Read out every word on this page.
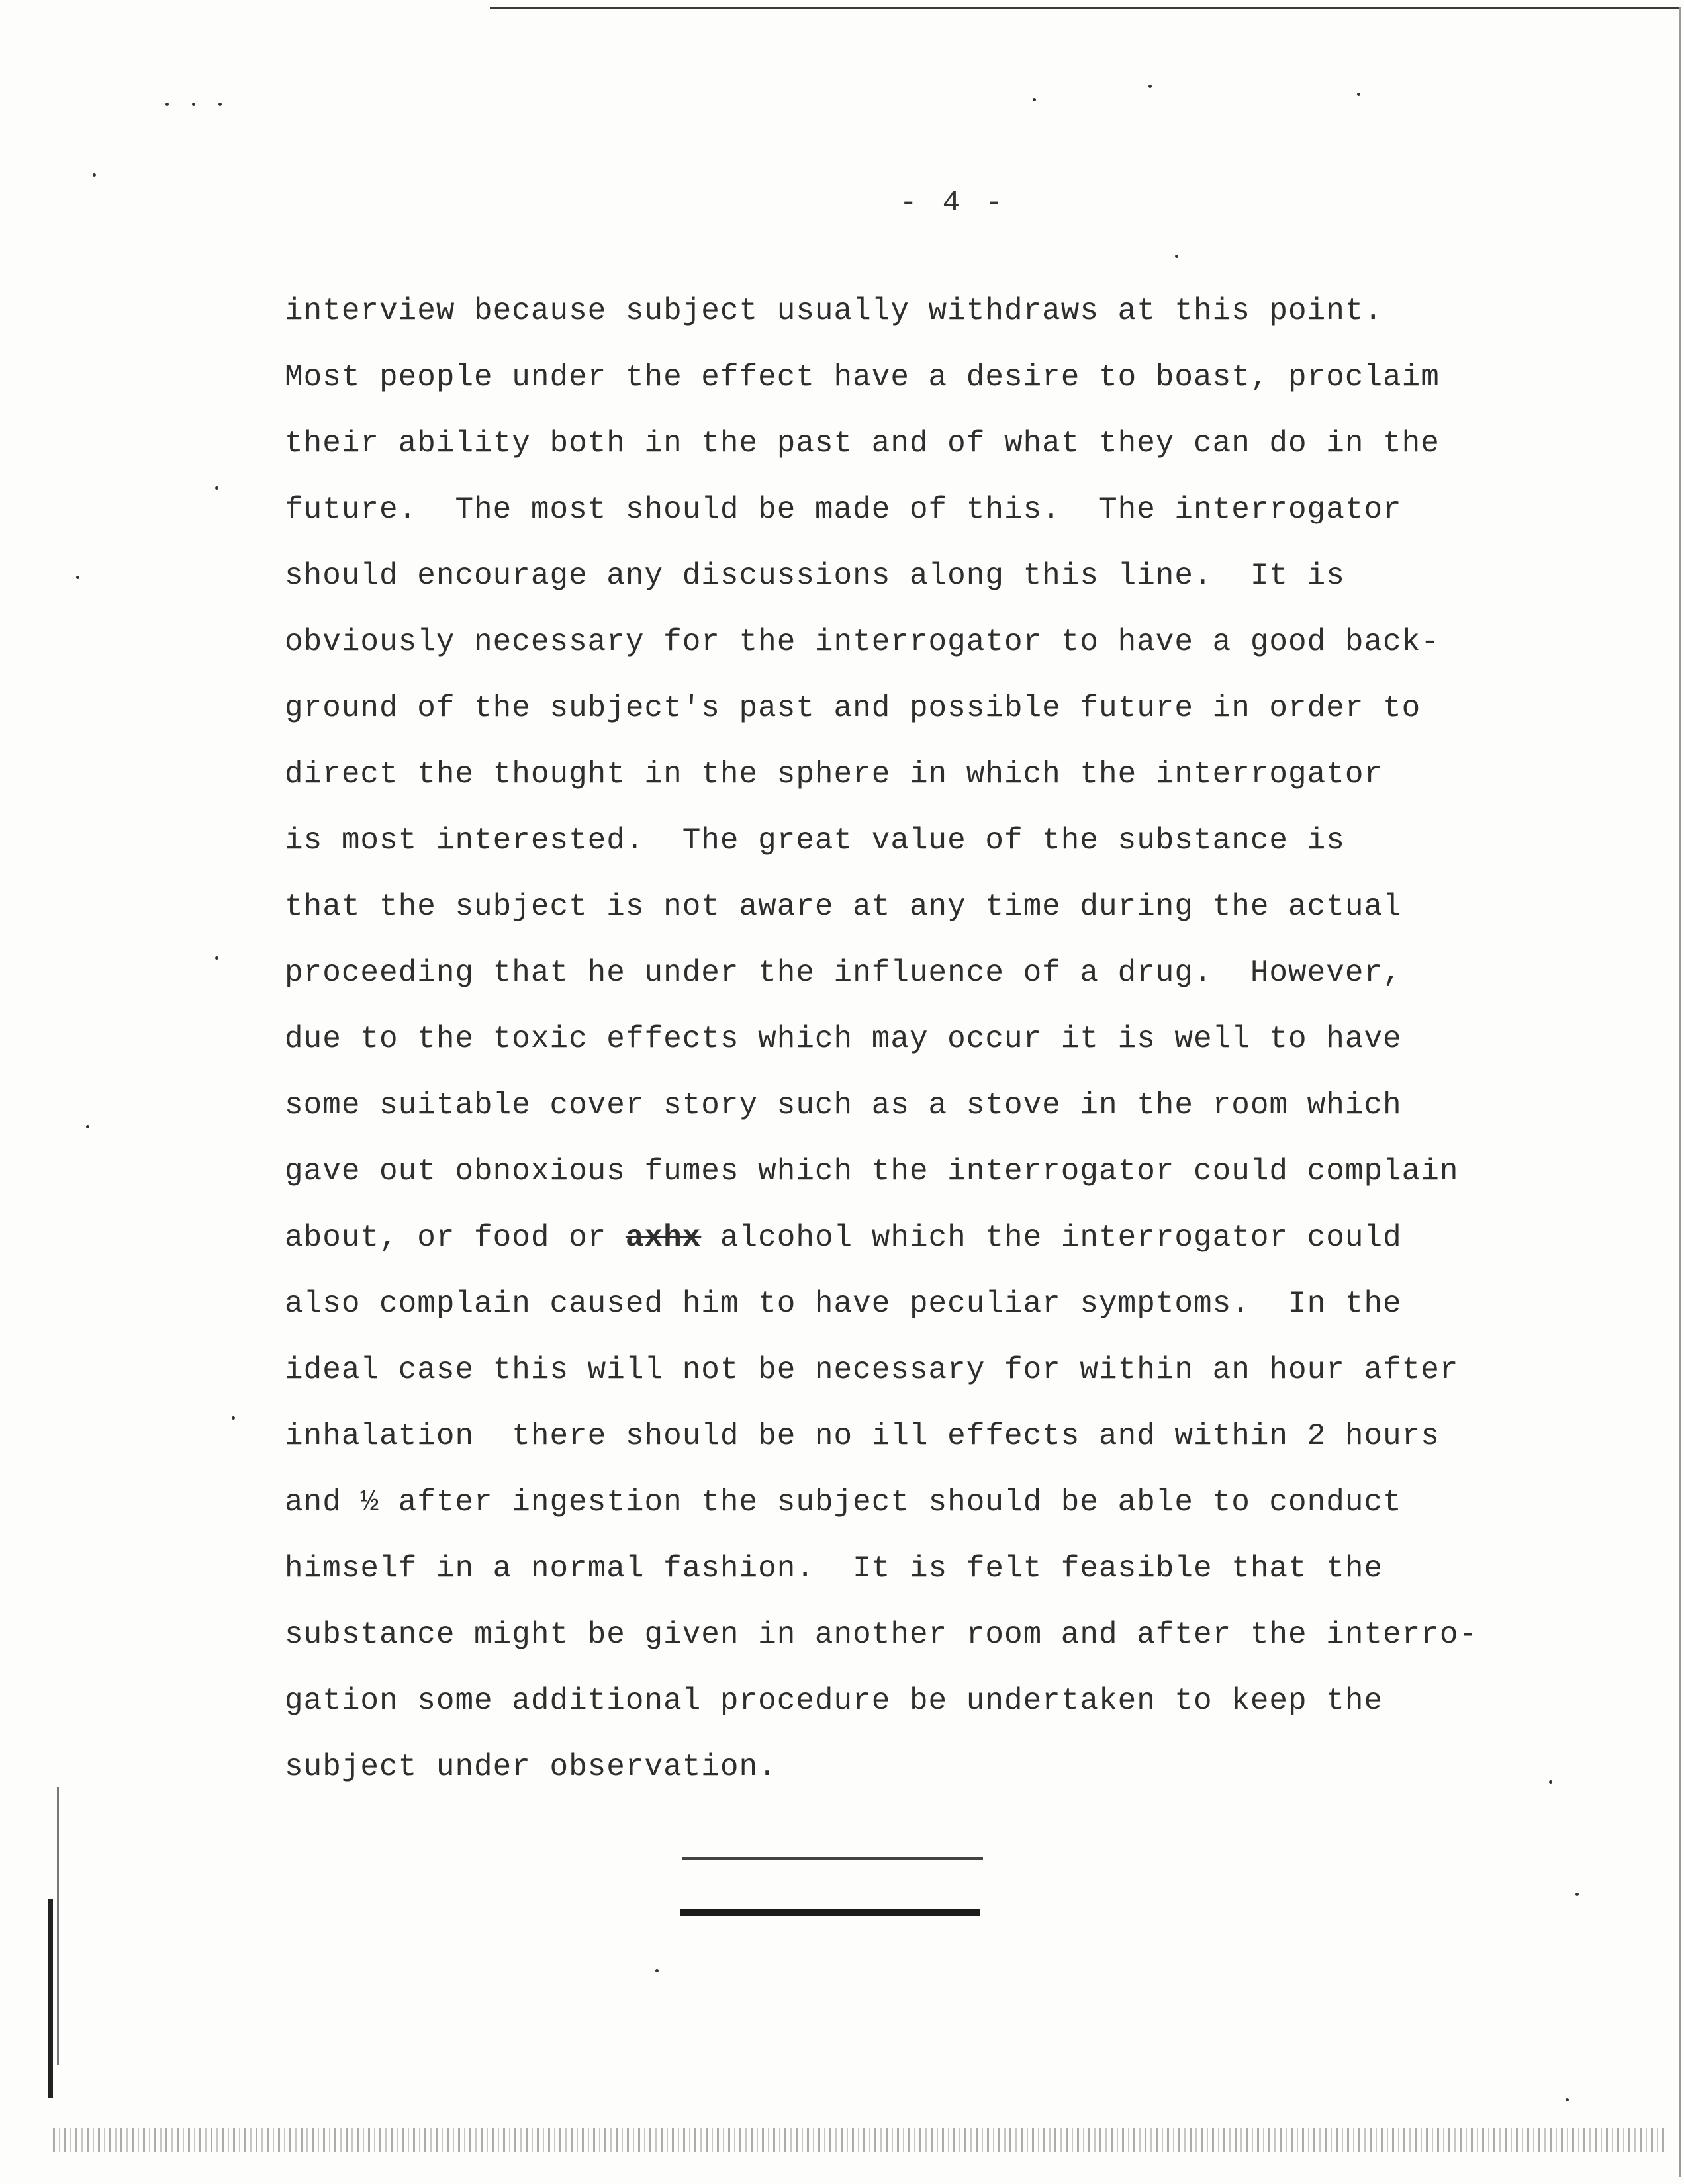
- 4 -
interview because subject usually withdraws at this point.
Most people under the effect have a desire to boast, proclaim
their ability both in the past and of what they can do in the
future.  The most should be made of this.  The interrogator
should encourage any discussions along this line.  It is
obviously necessary for the interrogator to have a good back-
ground of the subject's past and possible future in order to
direct the thought in the sphere in which the interrogator
is most interested.  The great value of the substance is
that the subject is not aware at any time during the actual
proceeding that he under the influence of a drug.  However,
due to the toxic effects which may occur it is well to have
some suitable cover story such as a stove in the room which
gave out obnoxious fumes which the interrogator could complain
about, or food or axhx alcohol which the interrogator could
also complain caused him to have peculiar symptoms.  In the
ideal case this will not be necessary for within an hour after
inhalation  there should be no ill effects and within 2 hours
and ½ after ingestion the subject should be able to conduct
himself in a normal fashion.  It is felt feasible that the
substance might be given in another room and after the interro-
gation some additional procedure be undertaken to keep the
subject under observation.
